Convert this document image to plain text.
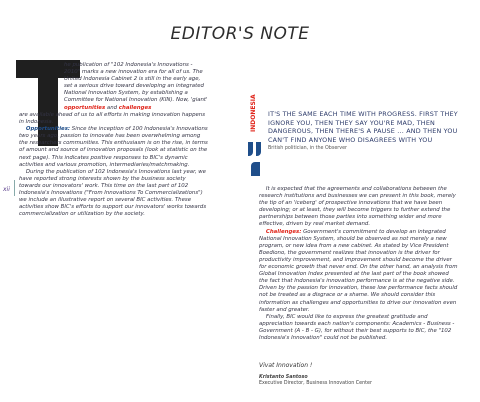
EDITOR'S NOTE

he publication of "102 Indonesia's Innovations - 2010" marks a new innovation era for all of us. The United Indonesia Cabinet 2 is still in the early age, set a serious drive toward developing an integrated National Innovation System, by establishing a Committee for National Innovation (KIN). Now, 'giant' opportunities and challenges

are available ahead of us to all efforts in making innovation happens in Indonesia.

Opportunities: Since the inception of 100 Indonesia's Innovations two years ago, passion to innovate has been overwhelming among the researchers communities. This enthusiasm is on the rise, in terms of amount and source of innovation proposals (look at statistic on the next page). This indicates positive responses to BIC's dynamic activities and various promotion, intermediaries/matchmaking.

During the publication of 102 Indonesia's Innovations last year, we have reported strong interests shown by the business society towards our innovators' work. This time on the last part of 102 Indonesia's Innovations ("From Innovations To Commercializations") we include an illustrative report on several BIC activities. These activities show BIC's efforts to support our innovators' works towards commercialization or utilization by the society.

xii
INDONESIA IT'S THE SAME EACH TIME WITH PROGRESS. FIRST THEY IGNORE YOU, THEN THEY SAY YOU'RE MAD, THEN DANGEROUS, THEN THERE'S A PAUSE ... AND THEN YOU CAN'T FIND ANYONE WHO DISAGREES WITH YOU
British politician, in the Observer

It is expected that the agreements and collaborations between the research institutions and businesses we can present in this book, merely the tip of an 'iceberg' of prospective innovations that we have been developing; or at least, they will become triggers to further extend the partnerships between those parties into something wider and more effective, driven by real market demand.

Challenges: Government's commitment to develop an integrated National Innovation System, should be observed as not merely a new program, or new idea from a new cabinet. As stated by Vice President Boediono, the government realizes that innovation is the driver for productivity improvement, and improvement should become the driver for economic growth that never end. On the other hand, an analysis from Global Innovation Index presented at the last part of the book showed the fact that Indonesia's innovation performance is at the negative side. Driven by the passion for innovation, these low performance facts should not be treated as a disgrace or a shame. We should consider this information as challenges and opportunities to drive our innovation even faster and greater.

Finally, BIC would like to express the greatest gratitude and appreciation towards each nation's components: Academics - Business - Government (A - B - G), for without their best supports to BIC, the "102 Indonesia's Innovation" could not be published.

Vivat Innovation !
Kristanto Santoso
Executive Director, Business Innovation Center
